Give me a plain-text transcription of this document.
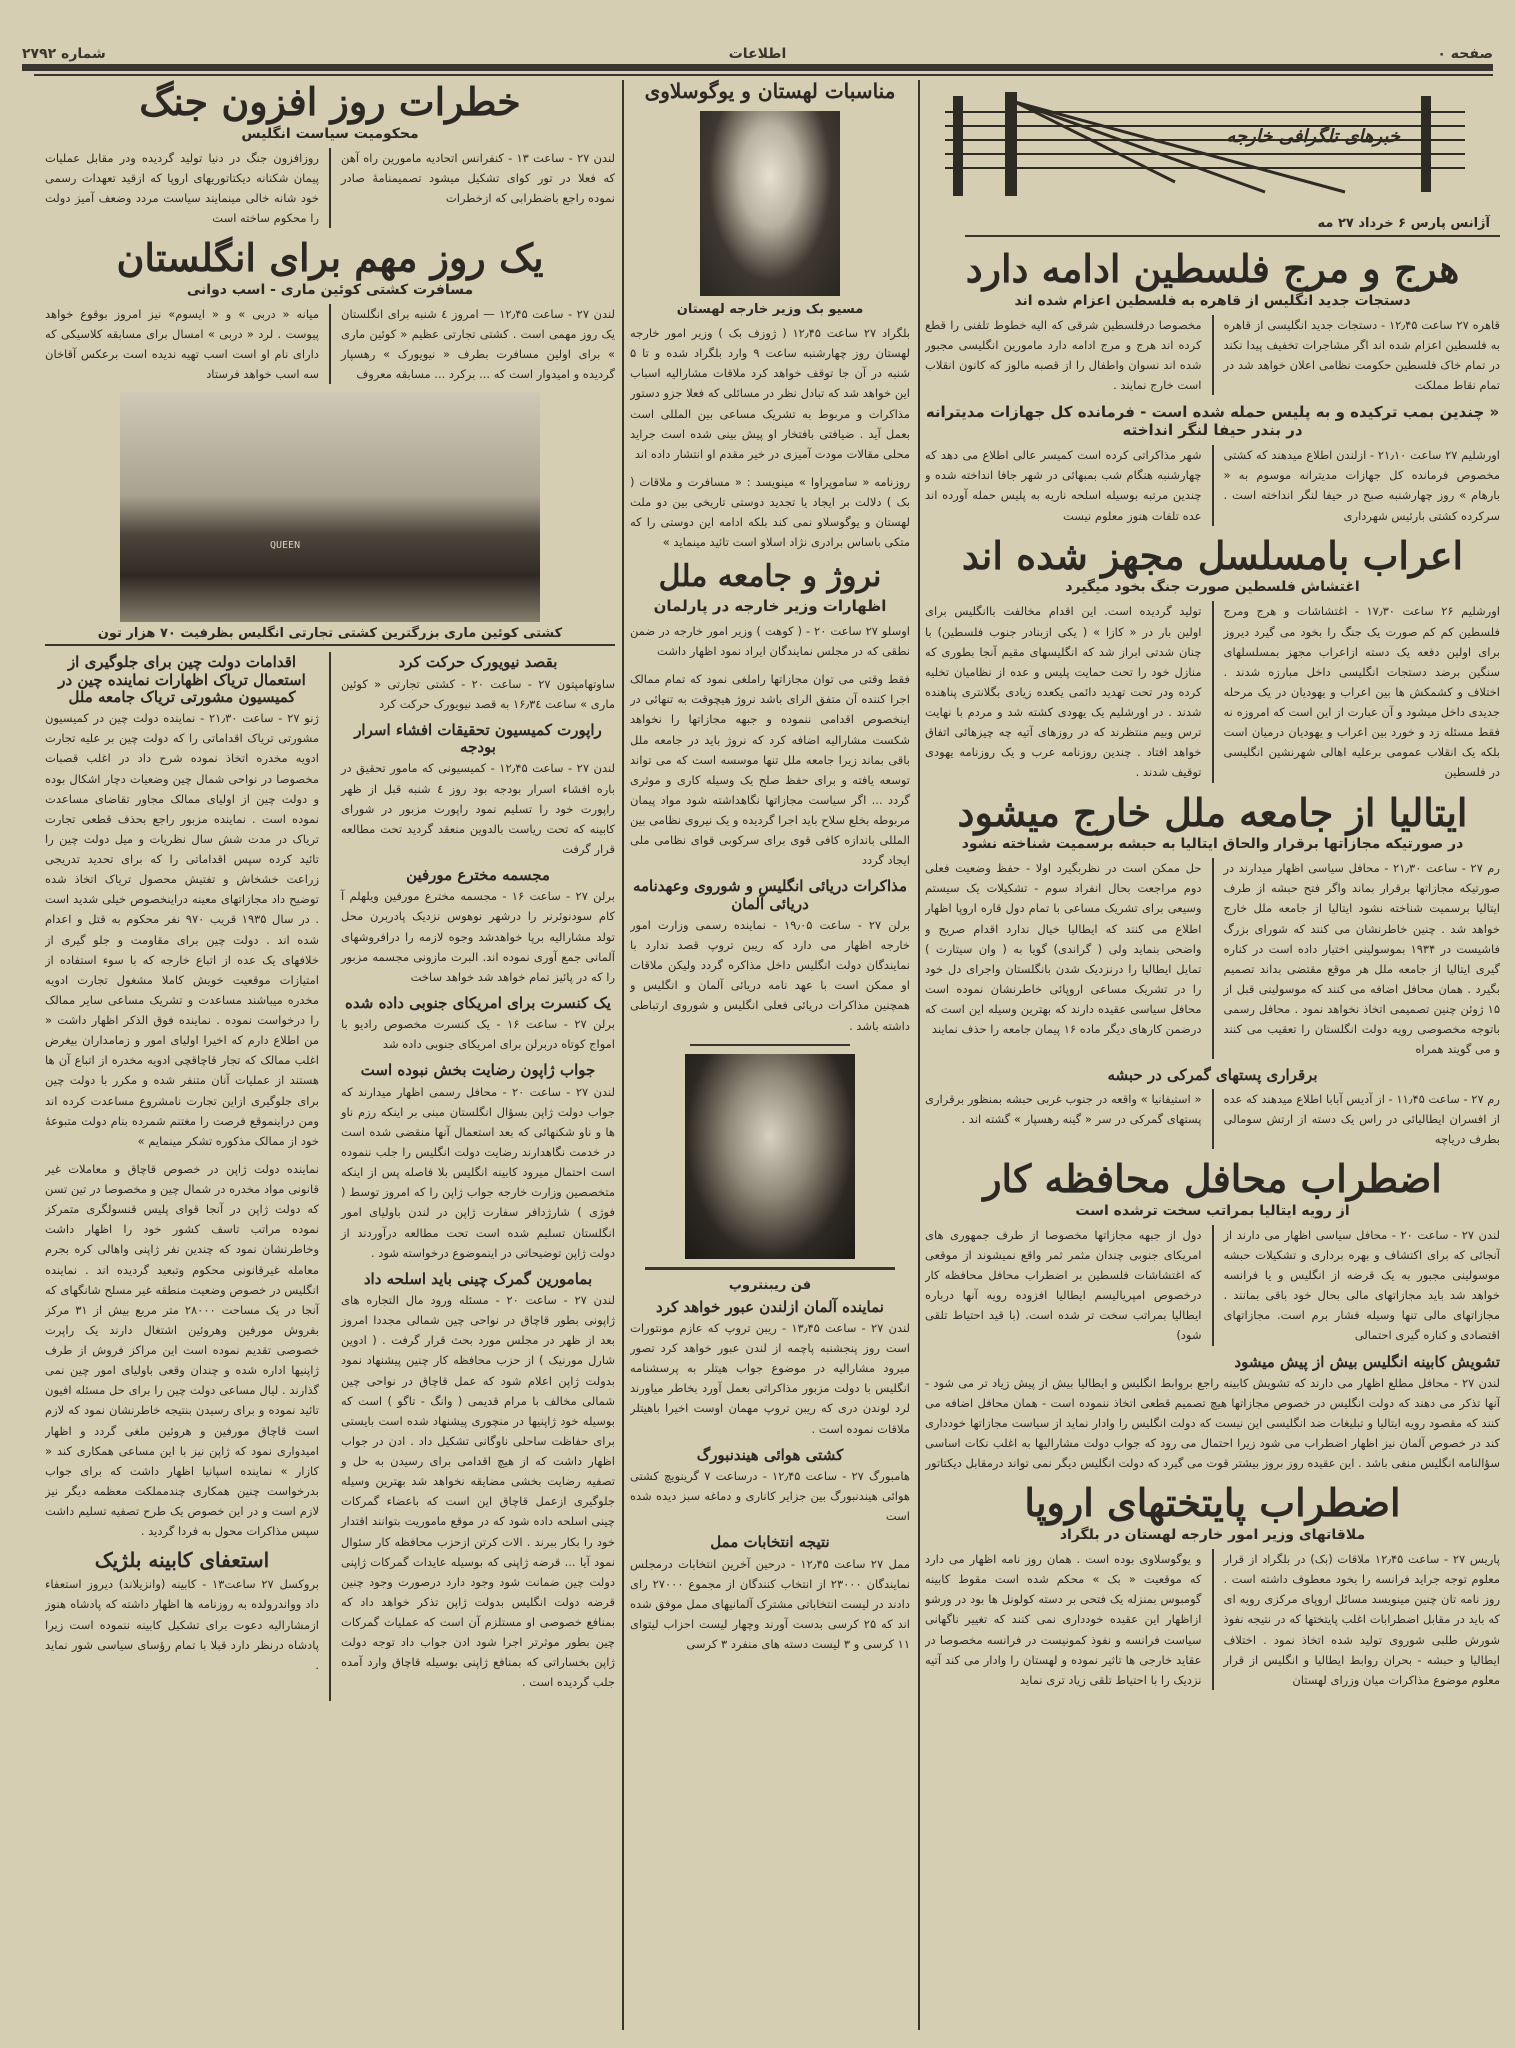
صفحه ۰
اطلاعات
شماره ۲۷۹۲
خبرهای تلگرافی خارجه
آژانس پارس ۶ خرداد ۲۷ مه
هرج و مرج فلسطین ادامه دارد
دستجات جدید انگلیس از قاهره به فلسطین اعزام شده اند

قاهره ۲۷ ساعت ۱۲٫۴۵ - دستجات جدید انگلیسی از قاهره به فلسطین اعزام شده اند اگر مشاجرات تخفیف پیدا نکند در تمام خاک فلسطین حکومت نظامی اعلان خواهد شد در تمام نقاط مملکت

مخصوصا درفلسطین شرقی که الیه خطوط تلفنی را قطع کرده اند هرج و مرج ادامه دارد مامورین انگلیسی مجبور شده اند نسوان واطفال را از قصبه مالوز که کانون انقلاب است خارج نمایند .

« چندین بمب ترکیده و به پلیس حمله شده است - فرمانده کل جهازات مدیترانه در بندر حیفا لنگر انداخته

اورشلیم ۲۷ ساعت ۲۱٫۱۰ - ازلندن اطلاع میدهند که کشتی مخصوص فرمانده کل جهازات مدیترانه موسوم به « بارهام » روز چهارشنبه صبح در حیفا لنگر انداخته است . سرکرده کشتی بارئیس شهرداری

شهر مذاکراتی کرده است کمیسر عالی اطلاع می دهد که چهارشنبه هنگام شب بمبهائی در شهر جافا انداخته شده و چندین مرتبه بوسیله اسلحه ناریه به پلیس حمله آورده اند عده تلفات هنوز معلوم نیست

اعراب بامسلسل مجهز شده اند
اغتشاش فلسطین صورت جنگ بخود میگیرد

اورشلیم ۲۶ ساعت ۱۷٫۳۰ - اغتشاشات و هرج ومرج فلسطین کم کم صورت یک جنگ را بخود می گیرد دیروز برای اولین دفعه یک دسته ازاعراب مجهز بمسلسلهای سنگین برضد دستجات انگلیسی داخل مبارزه شدند . اختلاف و کشمکش ها بین اعراب و یهودیان در یک مرحله جدیدی داخل میشود و آن عبارت از این است که امروزه نه فقط مسئله زد و خورد بین اعراب و یهودیان درمیان است بلکه یک انقلاب عمومی برعلیه اهالی شهرنشین انگلیسی در فلسطین

تولید گردیده است. این اقدام مخالفت باانگلیس برای اولین بار در « کازا » ( یکی ازبنادر جنوب فلسطین) با چنان شدتی ابراز شد که انگلیسهای مقیم آنجا بطوری که منازل خود را تحت حمایت پلیس و عده از نظامیان تخلیه کرده ودر تحت تهدید دائمی یکعده زیادی بگلانتری پناهنده شدند . در اورشلیم یک یهودی کشته شد و مردم با نهایت ترس وبیم منتظرند که در روزهای آتیه چه چیزهائی اتفاق خواهد افتاد . چندین روزنامه عرب و یک روزنامه یهودی توقیف شدند .

ایتالیا از جامعه ملل خارج میشود
در صورتیکه مجازاتها برقرار والحاق ایتالیا به حبشه برسمیت شناخته نشود

رم ۲۷ - ساعت ۲۱٫۳۰ - محافل سیاسی اظهار میدارند در صورتیکه مجازاتها برقرار بماند واگر فتح حبشه از طرف ایتالیا برسمیت شناخته نشود ایتالیا از جامعه ملل خارج خواهد شد . چنین خاطرنشان می کنند که شورای بزرگ فاشیست در ۱۹۳۴ بموسولینی اختیار داده است در کناره گیری ایتالیا از جامعه ملل هر موقع مقتضی بداند تصمیم بگیرد . همان محافل اضافه می کنند که موسولینی قبل از ۱۵ ژوئن چنین تصمیمی اتخاذ نخواهد نمود . محافل رسمی باتوجه مخصوصی رویه دولت انگلستان را تعقیب می کنند و می گویند همراه

حل ممکن است در نظربگیرد اولا - حفظ وضعیت فعلی دوم مراجعت بحال انفراد سوم - تشکیلات یک سیستم وسیعی برای تشریک مساعی با تمام دول قاره اروپا اظهار اطلاع می کنند که ایطالیا خیال ندارد اقدام صریح و واضحی بنماید ولی ( گراندی) گویا به ( وان سیتارت ) تمایل ایطالیا را درنزدیک شدن بانگلستان واجرای دل خود را در تشریک مساعی اروپائی خاطرنشان نموده است محافل سیاسی عقیده دارند که بهترین وسیله این است که درضمن کارهای دیگر ماده ۱۶ پیمان جامعه را حذف نمایند

برقراری پستهای گمرکی در حبشه

رم ۲۷ - ساعت ۱۱٫۴۵ - از آدیس آبابا اطلاع میدهند که عده از افسران ایطالیائی در راس یک دسته از ارتش سومالی بطرف دریاچه

« استیفانیا » واقعه در جنوب غربی حبشه بمنظور برقراری پستهای گمرکی در سر « گینه رهسپار » گشته اند .

اضطراب محافل محافظه کار
از رویه ایتالیا بمراتب سخت ترشده است

لندن ۲۷ - ساعت ۲۰ - محافل سیاسی اظهار می دارند از آنجائی که برای اکتشاف و بهره برداری و تشکیلات حبشه موسولینی مجبور به یک قرضه از انگلیس و یا فرانسه خواهد شد باید مجازاتهای مالی بحال خود باقی بمانند . مجازاتهای مالی تنها وسیله فشار برم است. مجازاتهای اقتصادی و کناره گیری احتمالی

دول از جبهه مجازاتها مخصوصا از طرف جمهوری های امریکای جنوبی چندان مثمر ثمر واقع نمیشوند از موقعی که اغتشاشات فلسطین بر اضطراب محافل محافظه کار درخصوص امپریالیسم ایطالیا افزوده رویه آنها درباره ایطالیا بمراتب سخت تر شده است. (با قید احتیاط تلقی شود)

تشویش کابینه انگلیس بیش از پیش میشود

لندن ۲۷ - محافل مطلع اظهار می دارند که تشویش کابینه راجع بروابط انگلیس و ایطالیا بیش از پیش زیاد تر می شود - آنها تذکر می دهند که دولت انگلیس در خصوص مجازاتها هیچ تصمیم قطعی اتخاذ ننموده است - همان محافل اضافه می کنند که مقصود رویه ایتالیا و تبلیغات ضد انگلیسی این نیست که دولت انگلیس را وادار نماید از سیاست مجازاتها خودداری کند در خصوص آلمان نیز اظهار اضطراب می شود زیرا احتمال می رود که جواب دولت مشارالیها به اغلب نکات اساسی سؤالنامه انگلیس منفی باشد . این عقیده روز بروز بیشتر قوت می گیرد که دولت انگلیس دیگر نمی تواند درمقابل دیکتاتور

اضطراب پایتختهای اروپا
ملاقاتهای وزیر امور خارجه لهستان در بلگراد

پاریس ۲۷ - ساعت ۱۲٫۴۵ ملاقات (بک) در بلگراد از قرار معلوم توجه جراید فرانسه را بخود معطوف داشته است . روز نامه تان چنین مینویسد مسائل اروپای مرکزی رویه ای که باید در مقابل اضطرابات اغلب پایتختها که در نتیجه نفوذ شورش طلبی شوروی تولید شده اتخاذ نمود . اختلاف ایطالیا و حبشه - بحران روابط ایطالیا و انگلیس از قرار معلوم موضوع مذاکرات میان وزرای لهستان

و یوگوسلاوی بوده است . همان روز نامه اظهار می دارد که موقعیت « بک » محکم شده است مقوط کابینه گومبوس بمنزله یک فتحی بر دسته کولونل ها بود در ورشو ازاظهار این عقیده خودداری نمی کنند که تغییر ناگهانی سیاست فرانسه و نفوذ کمونیست در فرانسه مخصوصا در عقاید خارجی ها تاثیر نموده و لهستان را وادار می کند آتیه نزدیک را با احتیاط تلقی زیاد تری نماید

مناسبات لهستان و یوگوسلاوی
مسیو بک وزیر خارجه لهستان

بلگراد ۲۷ ساعت ۱۲٫۴۵ ( ژوزف بک ) وزیر امور خارجه لهستان روز چهارشنبه ساعت ۹ وارد بلگراد شده و تا ۵ شنبه در آن جا توقف خواهد کرد ملاقات مشارالیه اسباب این خواهد شد که تبادل نظر در مسائلی که فعلا جزو دستور مذاکرات و مربوط به تشریک مساعی بین المللی است بعمل آید . ضیافتی بافتخار او پیش بینی شده است جراید محلی مقالات مودت آمیزی در خیر مقدم او انتشار داده اند

روزنامه « ساموپراوا » مینویسد : « مسافرت و ملاقات ( بک ) دلالت بر ایجاد یا تجدید دوستی تاریخی بین دو ملت لهستان و یوگوسلاو نمی کند بلکه ادامه این دوستی را که متکی باساس برادری نژاد اسلاو است تائید مینماید »

نروژ و جامعه ملل
اظهارات وزیر خارجه در پارلمان

اوسلو ۲۷ ساعت ۲۰ - ( کوهت ) وزیر امور خارجه در ضمن نطقی که در مجلس نمایندگان ایراد نمود اظهار داشت

فقط وقتی می توان مجازاتها راملغی نمود که تمام ممالک اجرا کننده آن متفق الرای باشد نروژ هیچوقت به تنهائی در اینخصوص اقدامی ننموده و جبهه مجازاتها را نخواهد شکست مشارالیه اضافه کرد که نروژ باید در جامعه ملل باقی بماند زیرا جامعه ملل تنها موسسه است که می تواند توسعه یافته و برای حفظ صلح یک وسیله کاری و موثری گردد ... اگر سیاست مجازاتها نگاهداشته شود مواد پیمان مربوطه بخلع سلاح باید اجرا گردیده و یک نیروی نظامی بین المللی باندازه کافی قوی برای سرکوبی قوای نظامی ملی ایجاد گردد

مذاکرات دریائی انگلیس و شوروی وعهدنامه دریائی آلمان

برلن ۲۷ - ساعت ۱۹٫۰۵ - نماینده رسمی وزارت امور خارجه اظهار می دارد که ریبن تروپ قصد ندارد با نمایندگان دولت انگلیس داخل مذاکره گردد ولیکن ملاقات او ممکن است با عهد نامه دریائی آلمان و انگلیس و همچنین مذاکرات دریائی فعلی انگلیس و شوروی ارتباطی داشته باشد .

فن ریبنتروپ
نماینده آلمان ازلندن عبور خواهد کرد

لندن ۲۷ - ساعت ۱۳٫۴۵ - ریبن تروپ که عازم مونتورات است روز پنجشنبه پاچمه از لندن عبور خواهد کرد تصور میرود مشارالیه در موضوع جواب هیتلر به پرسشنامه انگلیس با دولت مزبور مذاکراتی بعمل آورد بخاطر میاورند لرد لوندن دری که ریبن تروپ مهمان اوست اخیرا باهیتلر ملاقات نموده است .

کشتی هوائی هیندنبورگ

هامبورگ ۲۷ - ساعت ۱۲٫۴۵ - درساعت ۷ گرینویچ کشتی هوائی هیندنبورگ بین جزایر کاناری و دماغه سبز دیده شده است

نتیجه انتخابات ممل

ممل ۲۷ ساعت ۱۲٫۴۵ - درحین آخرین انتخابات درمجلس نمایندگان ۲۳۰۰۰ از انتخاب کنندگان از مجموع ۲۷۰۰۰ رای دادند در لیست انتخاباتی مشترک آلمانیهای ممل موفق شده اند که ۲۵ کرسی بدست آورند وچهار لیست احزاب لیتوای ۱۱ کرسی و ۳ لیست دسته های منفرد ۳ کرسی

خطرات روز افزون جنگ
محکومیت سیاست انگلیس

لندن ۲۷ - ساعت ۱۳ - کنفرانس اتحادیه مامورین راه آهن که فعلا در تور کوای تشکیل میشود تصمیمنامهٔ صادر نموده راجع باضطرابی که ازخطرات

روزافزون جنگ در دنیا تولید گردیده ودر مقابل عملیات پیمان شکنانه دیکتاتوریهای اروپا که ازقید تعهدات رسمی خود شانه خالی مینمایند سیاست مردد وضعف آمیز دولت را محکوم ساخته است

یک روز مهم برای انگلستان
مسافرت کشتی کوئین ماری - اسب دوانی

لندن ۲۷ - ساعت ۱۲٫۴۵ — امروز ٤ شنبه برای انگلستان یک روز مهمی است . کشتی تجارتی عظیم « کوئین ماری » برای اولین مسافرت بطرف « نیویورک » رهسپار گردیده و امیدوار است که ... برکرد ... مسابقه معروف

میانه « دربی » و « ایسوم» نیز امروز بوقوع خواهد پیوست . لرد « دربی » امسال برای مسابقه کلاسیکی که دارای نام او است اسب تهیه ندیده است برعکس آقاخان سه اسب خواهد فرستاد

QUEEN
کشتی کوئین ماری بزرگترین کشتی تجارتی انگلیس بظرفیت ۷۰ هزار تون
بقصد نیویورک حرکت کرد

ساوتهامپتون ۲۷ - ساعت ۲۰ - کشتی تجارتی « کوئین ماری » ساعت ۱۶٫۳٤ به قصد نیویورک حرکت کرد

راپورت کمیسیون تحقیقات افشاء اسرار بودجه

لندن ۲۷ - ساعت ۱۲٫۴۵ - کمیسیونی که مامور تحقیق در باره افشاء اسرار بودجه بود روز ٤ شنبه قبل از ظهر راپورت خود را تسلیم نمود راپورت مزبور در شورای کابینه که تحت ریاست بالدوین منعقد گردید تحت مطالعه قرار گرفت

مجسمه مخترع مورفین

برلن ۲۷ - ساعت ۱۶ - مجسمه مخترع مورفین ویلهلم آ کام سودنوئرنر را درشهر نوهوس نزدیک پادربرن محل تولد مشارالیه برپا خواهدشد وجوه لازمه را درافروشهای آلمانی جمع آوری نموده اند. البرت مازونی مجسمه مزبور را که در پائیز تمام خواهد شد خواهد ساخت

یک کنسرت برای امریکای جنوبی داده شده

برلن ۲۷ - ساعت ۱۶ - یک کنسرت مخصوص رادیو با امواج کوتاه دربرلن برای امریکای جنوبی داده شد

جواب ژاپون رضایت بخش نبوده است

لندن ۲۷ - ساعت ۲۰ - محافل رسمی اظهار میدارند که جواب دولت ژاپن بسؤال انگلستان مبنی بر اینکه رزم ناو ها و ناو شکنهائی که بعد استعمال آنها منقضی شده است در خدمت نگاهدارند رضایت دولت انگلیس را جلب ننموده است احتمال میرود کابینه انگلیس بلا فاصله پس از اینکه متخصصین وزارت خارجه جواب ژاپن را که امروز توسط ( فوژی ) شارژدافر سفارت ژاپن در لندن باولیای امور انگلستان تسلیم شده است تحت مطالعه درآوردند از دولت ژاپن توضیحاتی در اینموضوع درخواسته شود .

بمامورین گمرک چینی باید اسلحه داد

لندن ۲۷ - ساعت ۲۰ - مسئله ورود مال التجاره های ژاپونی بطور قاچاق در نواحی چین شمالی مجددا امروز بعد از ظهر در مجلس مورد بحث قرار گرفت . ( ادوین شارل مورنیک ) از حزب محافظه کار چنین پیشنهاد نمود بدولت ژاپن اعلام شود که عمل قاچاق در نواحی چین شمالی مخالف با مرام قدیمی ( وانگ - تاگو ) است که بوسیله خود ژاپنیها در منچوری پیشنهاد شده است بایستی برای حفاظت ساحلی ناوگانی تشکیل داد . ادن در جواب اظهار داشت که از هیچ اقدامی برای رسیدن به حل و تصفیه رضایت بخشی مضایقه نخواهد شد بهترین وسیله جلوگیری ازعمل قاچاق این است که باعضاء گمرکات چینی اسلحه داده شود که در موقع ماموریت بتوانند اقتدار خود را بکار ببرند . الات کرتن ازحزب محافظه کار سئوال نمود آیا ... قرضه ژاپنی که بوسیله عایدات گمرکات ژاپنی دولت چین ضمانت شود وجود دارد درصورت وجود چنین قرضه دولت انگلیس بدولت ژاپن تذکر خواهد داد که بمنافع خصوصی او مستلزم آن است که عملیات گمرکات چین بطور موثرتر اجرا شود ادن جواب داد توجه دولت ژاپن بخساراتی که بمنافع ژاپنی بوسیله قاچاق وارد آمده جلب گردیده است .

اقدامات دولت چین برای جلوگیری از استعمال تریاک اظهارات نماینده چین در کمیسیون مشورتی تریاک جامعه ملل

ژنو ۲۷ - ساعت ۲۱٫۳۰ - نماینده دولت چین در کمیسیون مشورتی تریاک اقداماتی را که دولت چین بر علیه تجارت ادویه مخدره اتخاذ نموده شرح داد در اغلب قصبات مخصوصا در نواحی شمال چین وضعیات دچار اشکال بوده و دولت چین از اولیای ممالک مجاور تقاضای مساعدت نموده است . نماینده مزبور راجع بحذف قطعی تجارت تریاک در مدت شش سال نظریات و میل دولت چین را تائید کرده سپس اقداماتی را که برای تحدید تدریجی زراعت خشخاش و تفتیش محصول تریاک اتخاذ شده توضیح داد مجازاتهای معینه دراینخصوص خیلی شدید است . در سال ۱۹۳۵ قریب ۹۷۰ نفر محکوم به قتل و اعدام شده اند . دولت چین برای مقاومت و جلو گیری از خلافهای یک عده از اتباع خارجه که با سوء استفاده از امتیازات موقعیت خویش کاملا مشغول تجارت ادویه مخدره میباشند مساعدت و تشریک مساعی سایر ممالک را درخواست نموده . نماینده فوق الذکر اظهار داشت « من اطلاع دارم که اخیرا اولیای امور و زمامداران بیغرض اغلب ممالک که تجار قاچاقچی ادویه مخدره از اتباع آن ها هستند از عملیات آنان متنفر شده و مکرر با دولت چین برای جلوگیری ازاین تجارت نامشروع مساعدت کرده اند ومن دراینموقع فرصت را مغتنم شمرده بنام دولت متبوعهٔ خود از ممالک مذکوره تشکر مینمایم »

نماینده دولت ژاپن در خصوص قاچاق و معاملات غیر قانونی مواد مخدره در شمال چین و مخصوصا در تین تسن که دولت ژاپن در آنجا قوای پلیس قنسولگری متمرکز نموده مراتب تاسف کشور خود را اظهار داشت وخاطرنشان نمود که چندین نفر ژاپنی واهالی کره بجرم معامله غیرقانونی محکوم وتبعید گردیده اند . نماینده انگلیس در خصوص وضعیت منطقه غیر مسلح شانگهای که آنجا در یک مساحت ۲۸۰۰۰ متر مربع بیش از ۳۱ مرکز بفروش مورفین وهروئین اشتغال دارند یک راپرت خصوصی تقدیم نموده است این مراکز فروش از طرف ژاپنیها اداره شده و چندان وقعی باولیای امور چین نمی گذارند . لیال مساعی دولت چین را برای حل مسئله افیون تائید نموده و برای رسیدن بنتیجه خاطرنشان نمود که لازم است قاچاق مورفین و هروئین ملغی گردد و اظهار امیدواری نمود که ژاپن نیز با این مساعی همکاری کند « کازار » نماینده اسپانیا اظهار داشت که برای جواب بدرخواست چنین همکاری چندمملکت معظمه دیگر نیز لازم است و در این خصوص یک طرح تصفیه تسلیم داشت سپس مذاکرات محول به فردا گردید .

استعفای کابینه بلژیک

بروکسل ۲۷ ساعت۱۳ - کابینه (وانزیلاند) دیروز استعفاء داد وواندرولده به روزنامه ها اظهار داشته که پادشاه هنوز ازمشارالیه دعوت برای تشکیل کابینه ننموده است زیرا پادشاه درنظر دارد قبلا با تمام رؤسای سیاسی شور نماید .
